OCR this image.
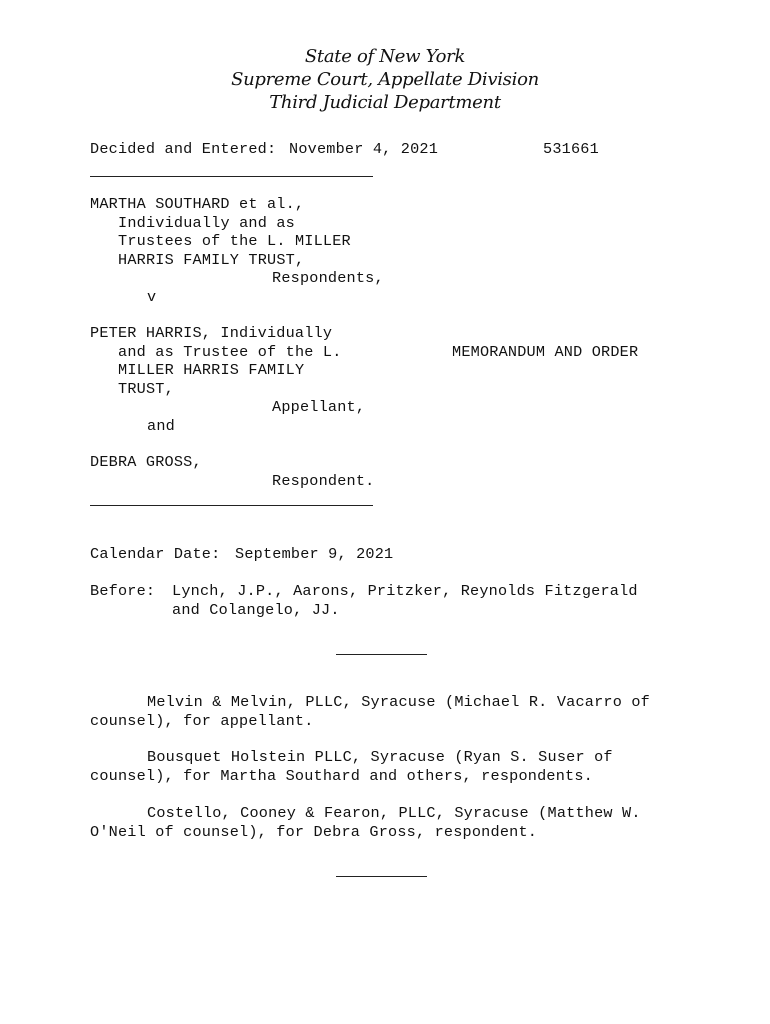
State of New York
Supreme Court, Appellate Division
Third Judicial Department
Decided and Entered: November 4, 2021	531661
MARTHA SOUTHARD et al.,
Individually and as
Trustees of the L. MILLER
HARRIS FAMILY TRUST,
Respondents,
v
PETER HARRIS, Individually
and as Trustee of the L.	MEMORANDUM AND ORDER
MILLER HARRIS FAMILY
TRUST,
Appellant,
and
DEBRA GROSS,
Respondent.
Calendar Date: September 9, 2021
Before: Lynch, J.P., Aarons, Pritzker, Reynolds Fitzgerald
and Colangelo, JJ.
Melvin & Melvin, PLLC, Syracuse (Michael R. Vacarro of
counsel), for appellant.
Bousquet Holstein PLLC, Syracuse (Ryan S. Suser of
counsel), for Martha Southard and others, respondents.
Costello, Cooney & Fearon, PLLC, Syracuse (Matthew W.
O'Neil of counsel), for Debra Gross, respondent.
